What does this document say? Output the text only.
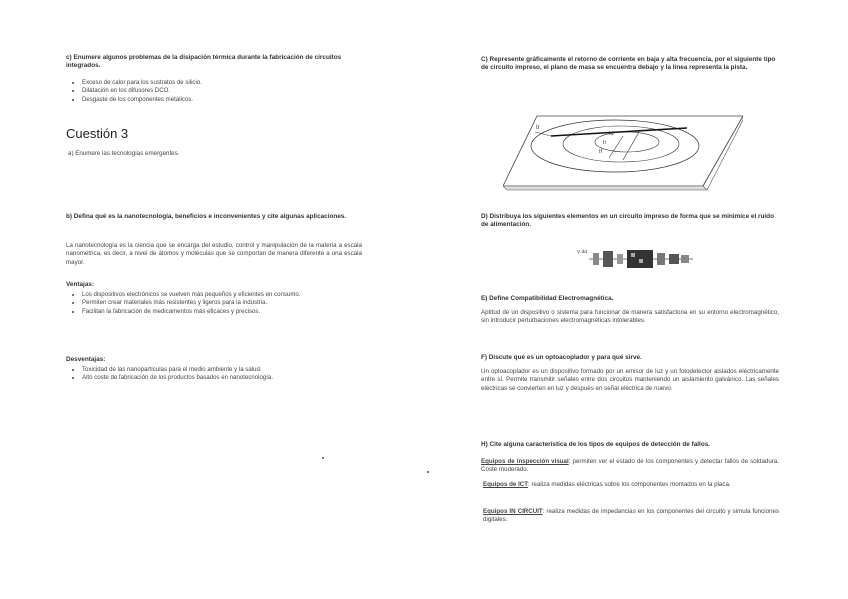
c) Enumere algunos problemas de la disipación térmica durante la fabricación de circuitos integrados.

• Exceso de calor para los sustratos de silicio.
• Dilatación en los difusores DCO.
• Desgaste de los componentes metálicos.
Cuestión 3

a) Enumere las tecnologías emergentes.

b) Defina qué es la nanotecnología, beneficios e inconvenientes y cite algunas aplicaciones.

La nanotecnología es la ciencia que se encarga del estudio, control y manipulación de la materia a escala nanométrica, es decir, a nivel de átomos y moléculas que se comportan de manera diferente a una escala mayor.

Ventajas:

• Los dispositivos electrónicos se vuelven más pequeños y eficientes en consumo.
• Permiten crear materiales más resistentes y ligeros para la industria.
• Facilitan la fabricación de medicamentos más eficaces y precisos.

Desventajas:

• Toxicidad de las nanopartículas para el medio ambiente y la salud.
• Alto coste de fabricación de los productos basados en nanotecnología.

C) Represente gráficamente el retorno de corriente en baja y alta frecuencia, por el siguiente tipo de circuito impreso, el plano de masa se encuentra debajo y la línea representa la pista.

Ir
Id
Ir
If

D) Distribuya los siguientes elementos en un circuito impreso de forma que se minimice el ruido de alimentación.

V dd

E) Define Compatibilidad Electromagnética.

Aptitud de un dispositivo o sistema para funcionar de manera satisfactoria en su entorno electromagnético, sin introducir perturbaciones electromagnéticas intolerables.

F) Discute qué es un optoacoplador y para qué sirve.

Un optoacoplador es un dispositivo formado por un emisor de luz y un fotodetector aislados eléctricamente entre sí. Permite transmitir señales entre dos circuitos manteniendo un aislamiento galvánico. Las señales eléctricas se convierten en luz y después en señal eléctrica de nuevo.

H) Cite alguna característica de los tipos de equipos de detección de fallos.

Equipos de inspección visual: permiten ver el estado de los componentes y detectar fallos de soldadura. Coste moderado.

Equipos de ICT: realiza medidas eléctricas sobre los componentes montados en la placa.

Equipos IN CIRCUIT: realiza medidas de impedancias en los componentes del circuito y simula funciones digitales.
